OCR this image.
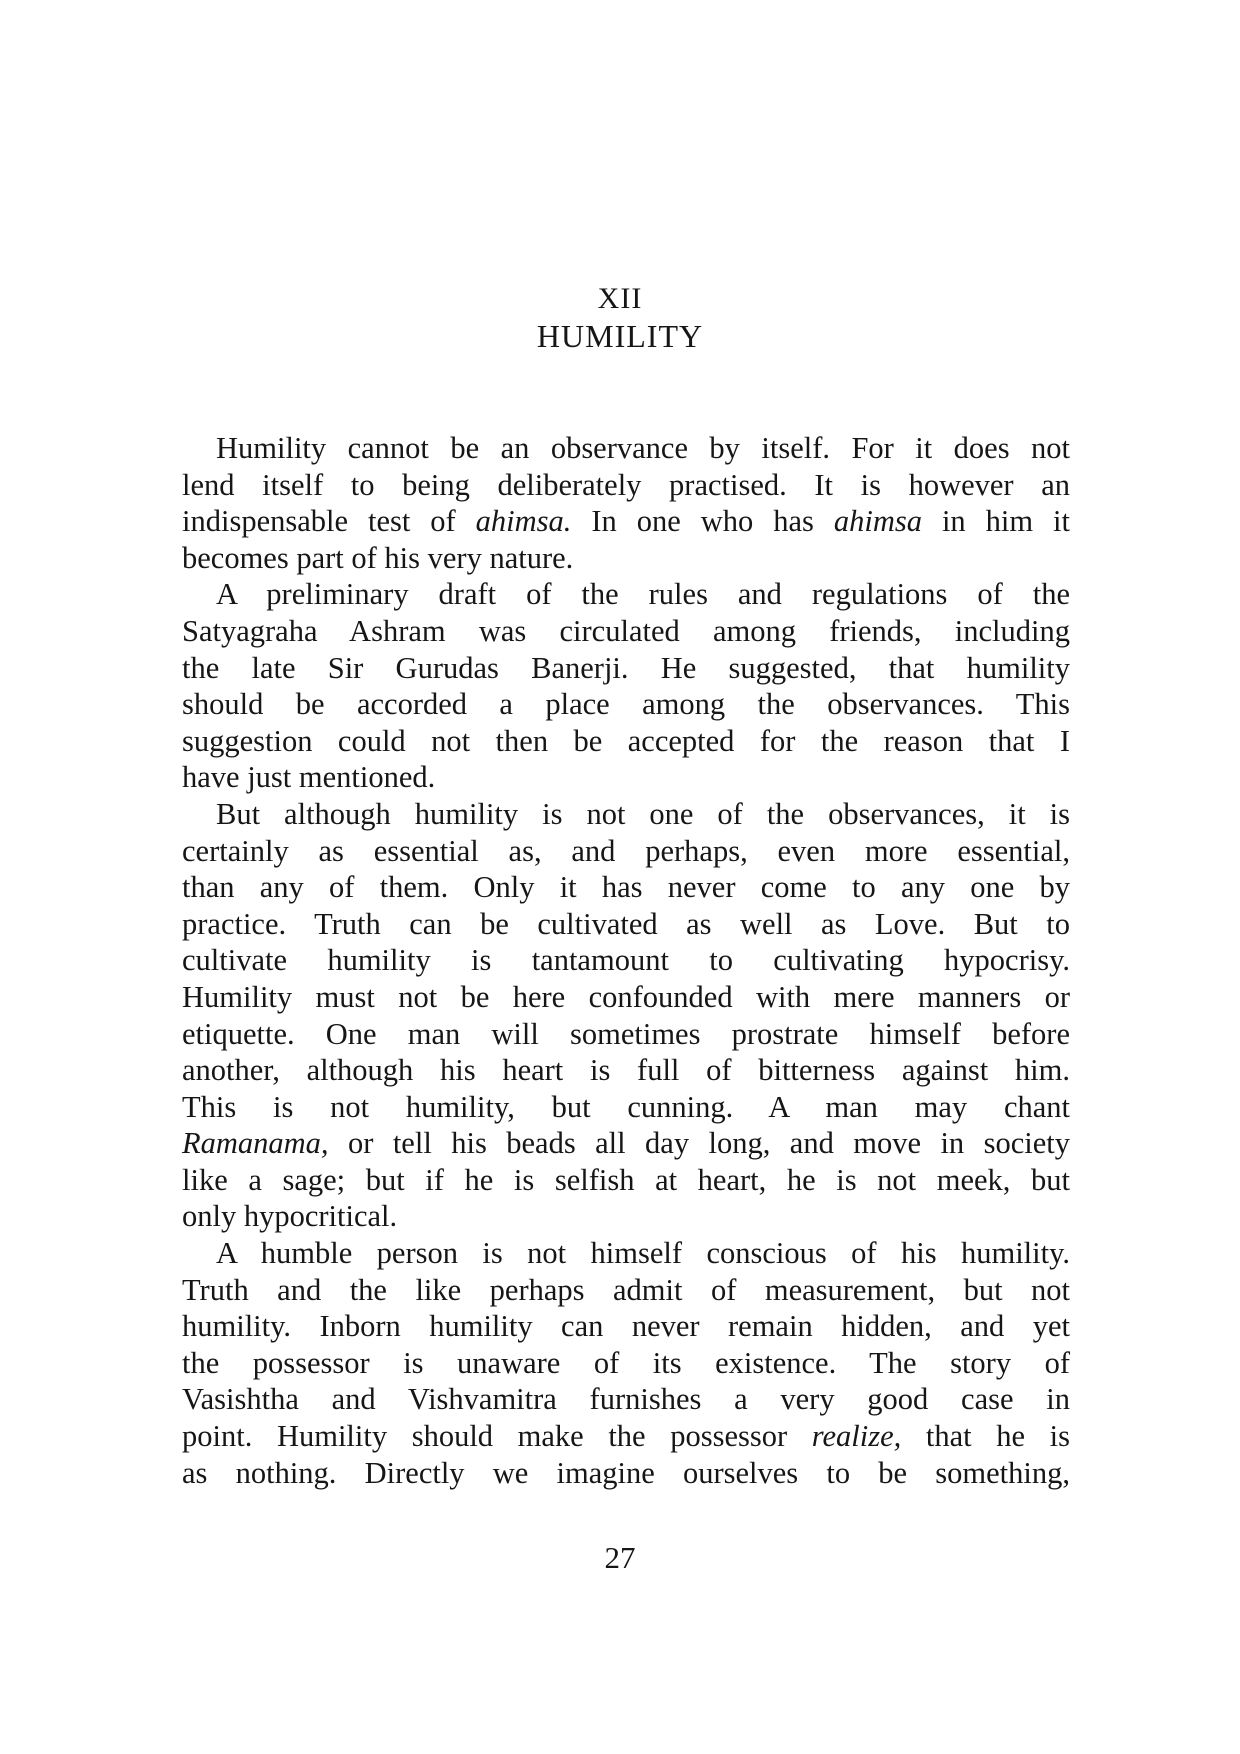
XII
HUMILITY
Humility cannot be an observance by itself. For it does not
lend itself to being deliberately practised. It is however an
indispensable test of ahimsa. In one who has ahimsa in him it
becomes part of his very nature.
A preliminary draft of the rules and regulations of the
Satyagraha Ashram was circulated among friends, including
the late Sir Gurudas Banerji. He suggested, that humility
should be accorded a place among the observances. This
suggestion could not then be accepted for the reason that I
have just mentioned.
But although humility is not one of the observances, it is
certainly as essential as, and perhaps, even more essential,
than any of them. Only it has never come to any one by
practice. Truth can be cultivated as well as Love. But to
cultivate humility is tantamount to cultivating hypocrisy.
Humility must not be here confounded with mere manners or
etiquette. One man will sometimes prostrate himself before
another, although his heart is full of bitterness against him.
This is not humility, but cunning. A man may chant
Ramanama, or tell his beads all day long, and move in society
like a sage; but if he is selfish at heart, he is not meek, but
only hypocritical.
A humble person is not himself conscious of his humility.
Truth and the like perhaps admit of measurement, but not
humility. Inborn humility can never remain hidden, and yet
the possessor is unaware of its existence. The story of
Vasishtha and Vishvamitra furnishes a very good case in
point. Humility should make the possessor realize, that he is
as nothing. Directly we imagine ourselves to be something,
27
